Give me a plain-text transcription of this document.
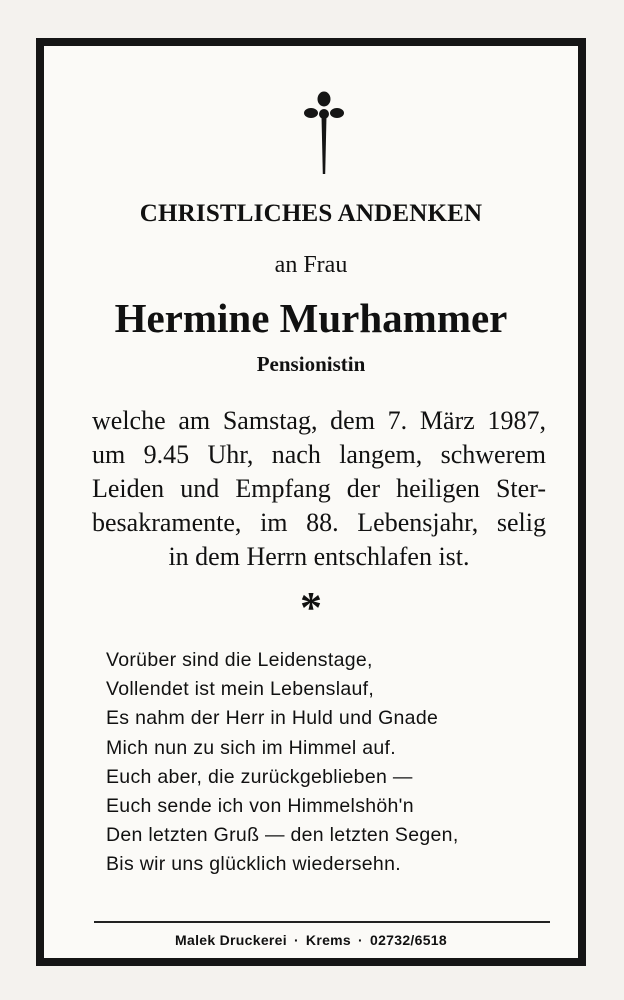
CHRISTLICHES ANDENKEN
an Frau
Hermine Murhammer
Pensionistin
welche am Samstag, dem 7. März 1987,
um 9.45 Uhr, nach langem, schwerem
Leiden und Empfang der heiligen Ster-
besakramente, im 88. Lebensjahr, selig
in dem Herrn entschlafen ist.
*
Vorüber sind die Leidenstage,
Vollendet ist mein Lebenslauf,
Es nahm der Herr in Huld und Gnade
Mich nun zu sich im Himmel auf.
Euch aber, die zurückgeblieben —
Euch sende ich von Himmelshöh'n
Den letzten Gruß — den letzten Segen,
Bis wir uns glücklich wiedersehn.
Malek Druckerei · Krems · 02732/6518
